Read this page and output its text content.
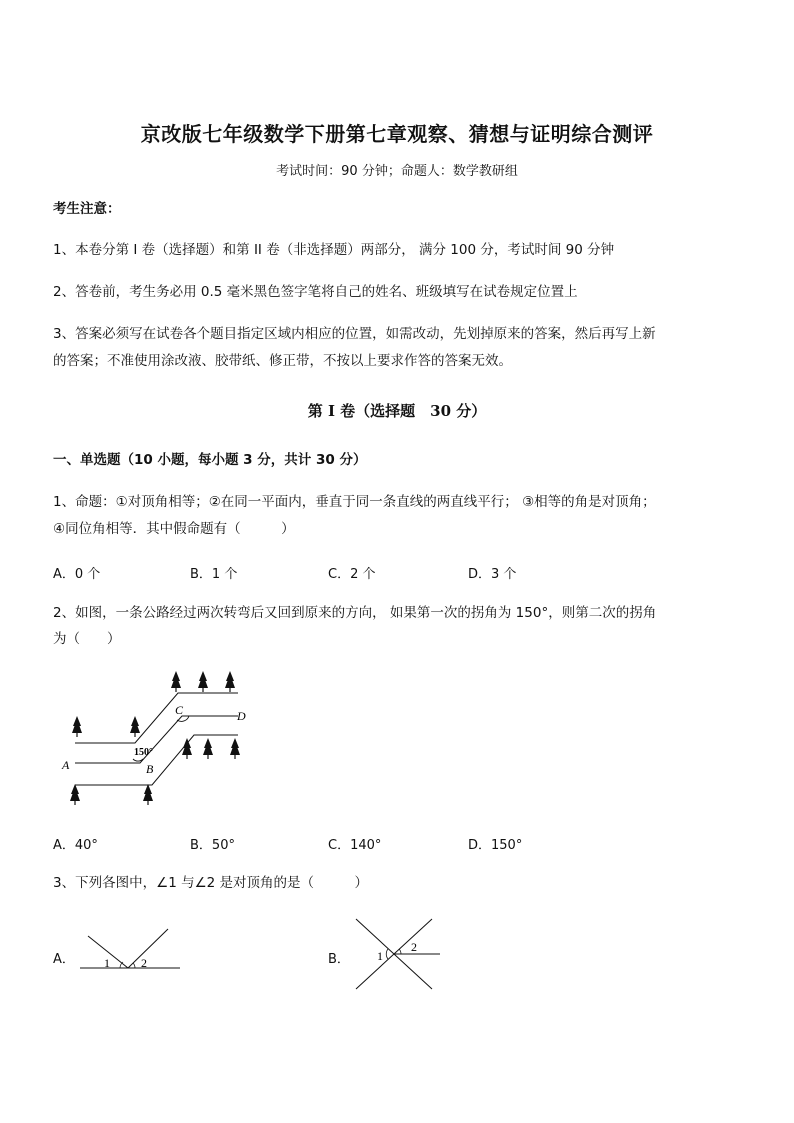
京改版七年级数学下册第七章观察、猜想与证明综合测评
考试时间：90 分钟；命题人：数学教研组
考生注意：
1、本卷分第 I 卷（选择题）和第 II 卷（非选择题）两部分， 满分 100 分，考试时间 90 分钟
2、答卷前，考生务必用 0.5 毫米黑色签字笔将自己的姓名、班级填写在试卷规定位置上
3、答案必须写在试卷各个题目指定区域内相应的位置，如需改动，先划掉原来的答案，然后再写上新
的答案；不准使用涂改液、胶带纸、修正带，不按以上要求作答的答案无效。
第 I 卷（选择题　30 分）
一、单选题（10 小题，每小题 3 分，共计 30 分）
1、命题：①对顶角相等；②在同一平面内，垂直于同一条直线的两直线平行； ③相等的角是对顶角；
④同位角相等．其中假命题有（　　　）
A．0 个	B．1 个	C．2 个	D．3 个
2、如图，一条公路经过两次转弯后又回到原来的方向， 如果第一次的拐角为 150°，则第二次的拐角
为（　　）
A	B
C	D
150°
A．40°	B．50°	C．140°	D．150°
3、下列各图中，∠1 与∠2 是对顶角的是（　　　）
A． 1	2	B． 1
2
